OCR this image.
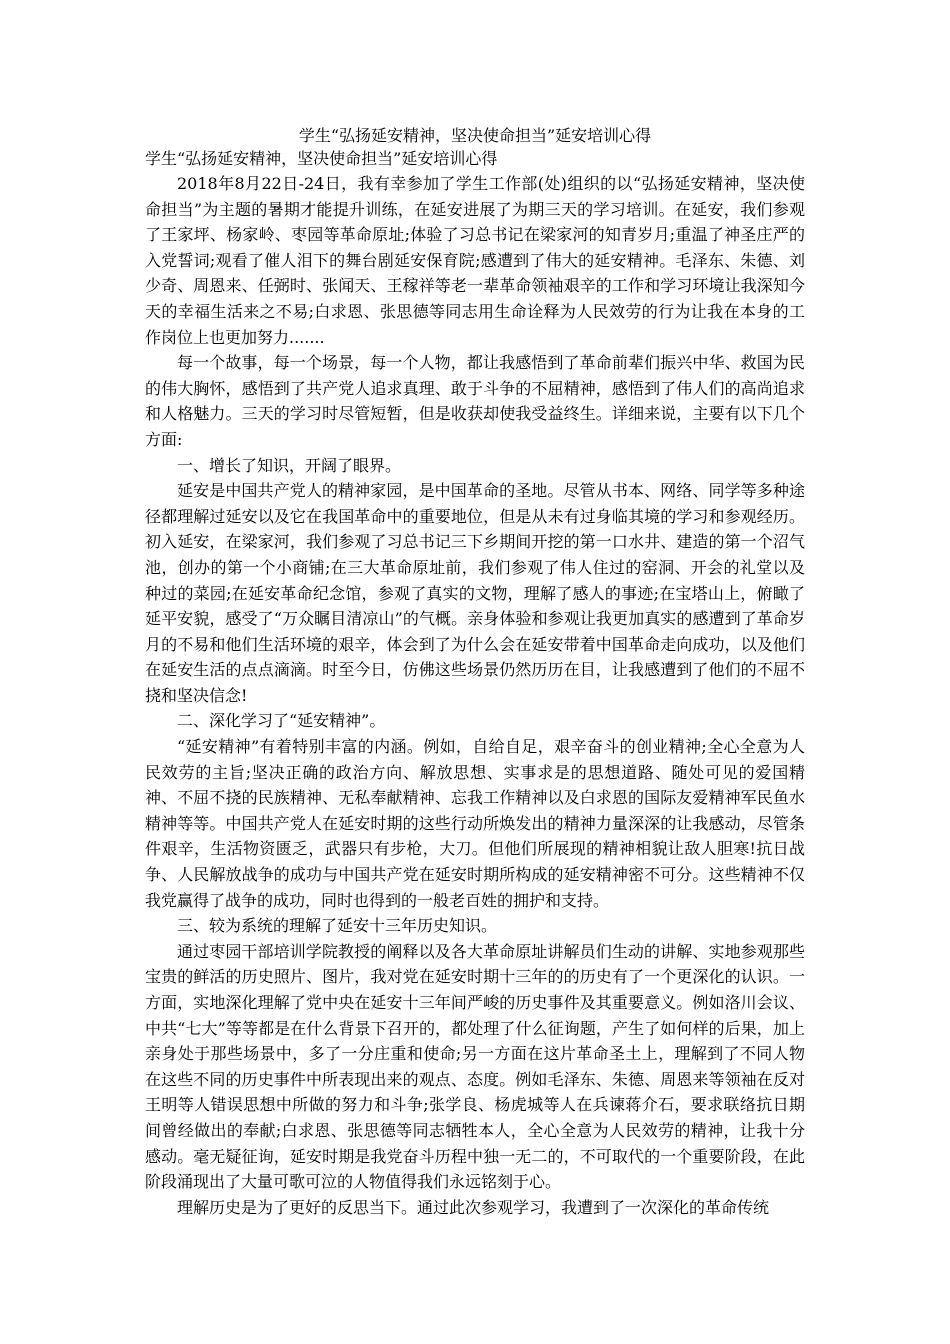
学生“弘扬延安精神，坚决使命担当”延安培训心得
学生“弘扬延安精神，坚决使命担当”延安培训心得

2018年8月22日-24日，我有幸参加了学生工作部(处)组织的以“弘扬延安精神，坚决使命担当”为主题的暑期才能提升训练，在延安进展了为期三天的学习培训。在延安，我们参观了王家坪、杨家岭、枣园等革命原址;体验了习总书记在梁家河的知青岁月;重温了神圣庄严的入党誓词;观看了催人泪下的舞台剧延安保育院;感遭到了伟大的延安精神。毛泽东、朱德、刘少奇、周恩来、任弼时、张闻天、王稼祥等老一辈革命领袖艰辛的工作和学习环境让我深知今天的幸福生活来之不易;白求恩、张思德等同志用生命诠释为人民效劳的行为让我在本身的工作岗位上也更加努力.......

每一个故事，每一个场景，每一个人物，都让我感悟到了革命前辈们振兴中华、救国为民的伟大胸怀，感悟到了共产党人追求真理、敢于斗争的不屈精神，感悟到了伟人们的高尚追求和人格魅力。三天的学习时尽管短暂，但是收获却使我受益终生。详细来说，主要有以下几个方面:

一、增长了知识，开阔了眼界。

延安是中国共产党人的精神家园，是中国革命的圣地。尽管从书本、网络、同学等多种途径都理解过延安以及它在我国革命中的重要地位，但是从未有过身临其境的学习和参观经历。初入延安，在梁家河，我们参观了习总书记三下乡期间开挖的第一口水井、建造的第一个沼气池，创办的第一个小商铺;在三大革命原址前，我们参观了伟人住过的窑洞、开会的礼堂以及种过的菜园;在延安革命纪念馆，参观了真实的文物，理解了感人的事迹;在宝塔山上，俯瞰了延平安貌，感受了“万众瞩目清凉山”的气概。亲身体验和参观让我更加真实的感遭到了革命岁月的不易和他们生活环境的艰辛，体会到了为什么会在延安带着中国革命走向成功，以及他们在延安生活的点点滴滴。时至今日，仿佛这些场景仍然历历在目，让我感遭到了他们的不屈不挠和坚决信念!

二、深化学习了“延安精神”。

“延安精神”有着特别丰富的内涵。例如，自给自足，艰辛奋斗的创业精神;全心全意为人民效劳的主旨;坚决正确的政治方向、解放思想、实事求是的思想道路、随处可见的爱国精神、不屈不挠的民族精神、无私奉献精神、忘我工作精神以及白求恩的国际友爱精神军民鱼水精神等等。中国共产党人在延安时期的这些行动所焕发出的精神力量深深的让我感动，尽管条件艰辛，生活物资匮乏，武器只有步枪，大刀。但他们所展现的精神相貌让敌人胆寒!抗日战争、人民解放战争的成功与中国共产党在延安时期所构成的延安精神密不可分。这些精神不仅我党赢得了战争的成功，同时也得到的一般老百姓的拥护和支持。

三、较为系统的理解了延安十三年历史知识。

通过枣园干部培训学院教授的阐释以及各大革命原址讲解员们生动的讲解、实地参观那些宝贵的鲜活的历史照片、图片，我对党在延安时期十三年的的历史有了一个更深化的认识。一方面，实地深化理解了党中央在延安十三年间严峻的历史事件及其重要意义。例如洛川会议、中共“七大”等等都是在什么背景下召开的，都处理了什么征询题，产生了如何样的后果，加上亲身处于那些场景中，多了一分庄重和使命;另一方面在这片革命圣土上，理解到了不同人物在这些不同的历史事件中所表现出来的观点、态度。例如毛泽东、朱德、周恩来等领袖在反对王明等人错误思想中所做的努力和斗争;张学良、杨虎城等人在兵谏蒋介石，要求联络抗日期间曾经做出的奉献;白求恩、张思德等同志牺牲本人，全心全意为人民效劳的精神，让我十分感动。毫无疑征询，延安时期是我党奋斗历程中独一无二的，不可取代的一个重要阶段，在此阶段涌现出了大量可歌可泣的人物值得我们永远铭刻于心。

理解历史是为了更好的反思当下。通过此次参观学习，我遭到了一次深化的革命传统
